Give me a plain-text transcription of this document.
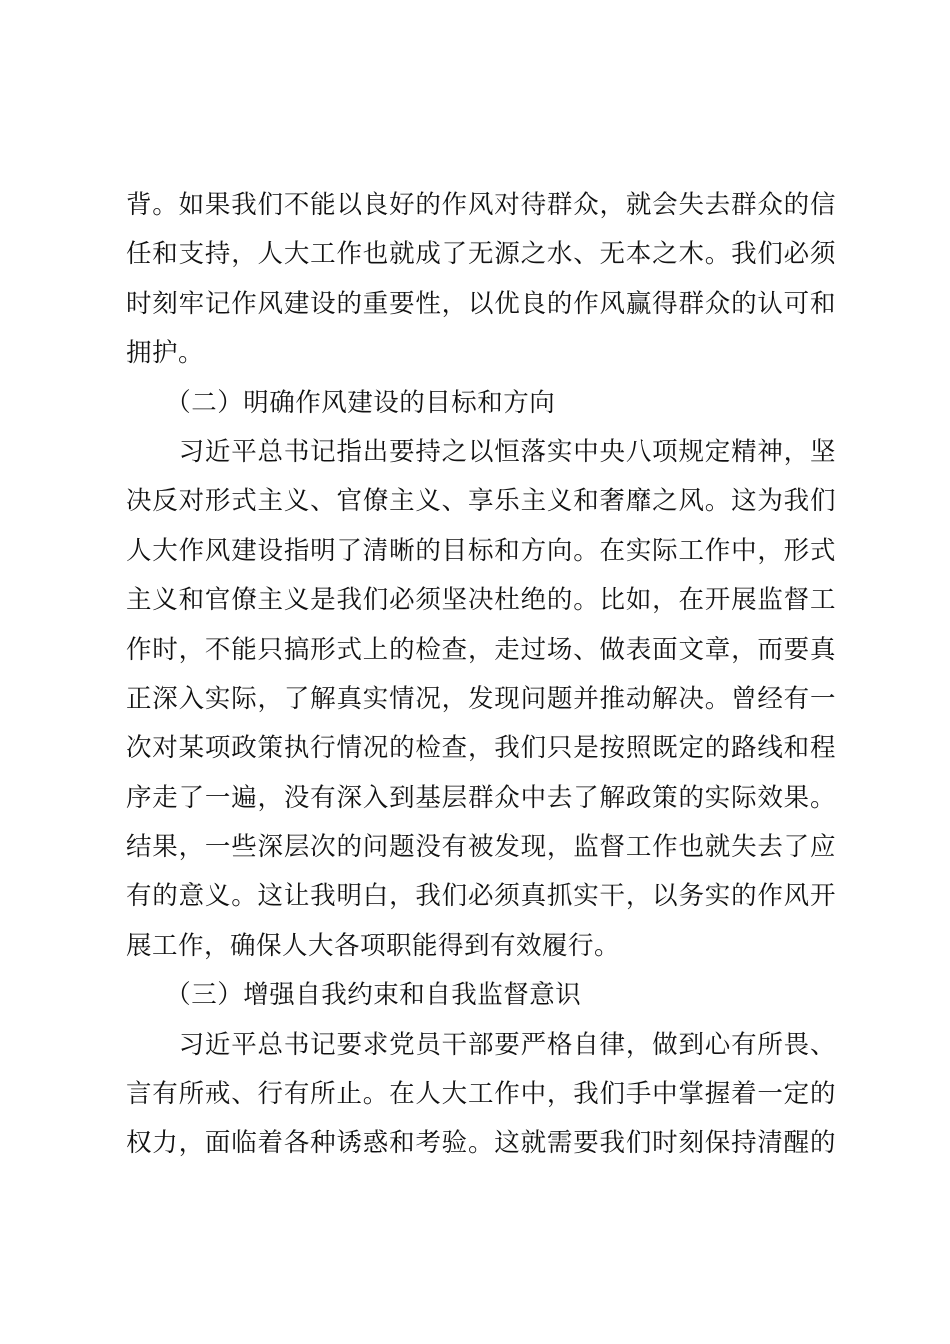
背。如果我们不能以良好的作风对待群众，就会失去群众的信
任和支持，人大工作也就成了无源之水、无本之木。我们必须
时刻牢记作风建设的重要性，以优良的作风赢得群众的认可和
拥护。
　　（二）明确作风建设的目标和方向
　　习近平总书记指出要持之以恒落实中央八项规定精神，坚
决反对形式主义、官僚主义、享乐主义和奢靡之风。这为我们
人大作风建设指明了清晰的目标和方向。在实际工作中，形式
主义和官僚主义是我们必须坚决杜绝的。比如，在开展监督工
作时，不能只搞形式上的检查，走过场、做表面文章，而要真
正深入实际，了解真实情况，发现问题并推动解决。曾经有一
次对某项政策执行情况的检查，我们只是按照既定的路线和程
序走了一遍，没有深入到基层群众中去了解政策的实际效果。
结果，一些深层次的问题没有被发现，监督工作也就失去了应
有的意义。这让我明白，我们必须真抓实干，以务实的作风开
展工作，确保人大各项职能得到有效履行。
　　（三）增强自我约束和自我监督意识
　　习近平总书记要求党员干部要严格自律，做到心有所畏、
言有所戒、行有所止。在人大工作中，我们手中掌握着一定的
权力，面临着各种诱惑和考验。这就需要我们时刻保持清醒的
